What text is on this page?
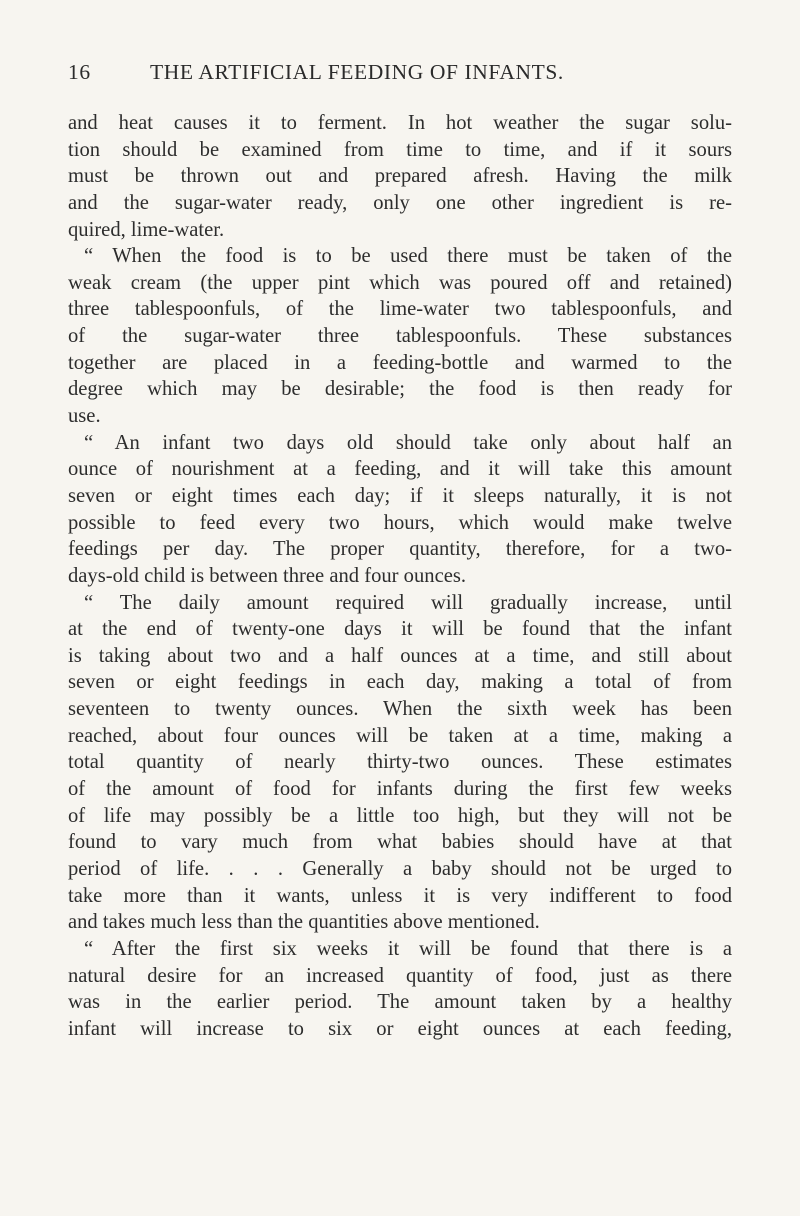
16	THE ARTIFICIAL FEEDING OF INFANTS.
and heat causes it to ferment. In hot weather the sugar solu-
tion should be examined from time to time, and if it sours
must be thrown out and prepared afresh. Having the milk
and the sugar-water ready, only one other ingredient is re-
quired, lime-water.
“ When the food is to be used there must be taken of the
weak cream (the upper pint which was poured off and retained)
three tablespoonfuls, of the lime-water two tablespoonfuls, and
of the sugar-water three tablespoonfuls. These substances
together are placed in a feeding-bottle and warmed to the
degree which may be desirable; the food is then ready for
use.
“ An infant two days old should take only about half an
ounce of nourishment at a feeding, and it will take this amount
seven or eight times each day; if it sleeps naturally, it is not
possible to feed every two hours, which would make twelve
feedings per day. The proper quantity, therefore, for a two-
days-old child is between three and four ounces.
“ The daily amount required will gradually increase, until
at the end of twenty-one days it will be found that the infant
is taking about two and a half ounces at a time, and still about
seven or eight feedings in each day, making a total of from
seventeen to twenty ounces. When the sixth week has been
reached, about four ounces will be taken at a time, making a
total quantity of nearly thirty-two ounces. These estimates
of the amount of food for infants during the first few weeks
of life may possibly be a little too high, but they will not be
found to vary much from what babies should have at that
period of life. . . . Generally a baby should not be urged to
take more than it wants, unless it is very indifferent to food
and takes much less than the quantities above mentioned.
“ After the first six weeks it will be found that there is a
natural desire for an increased quantity of food, just as there
was in the earlier period. The amount taken by a healthy
infant will increase to six or eight ounces at each feeding,
